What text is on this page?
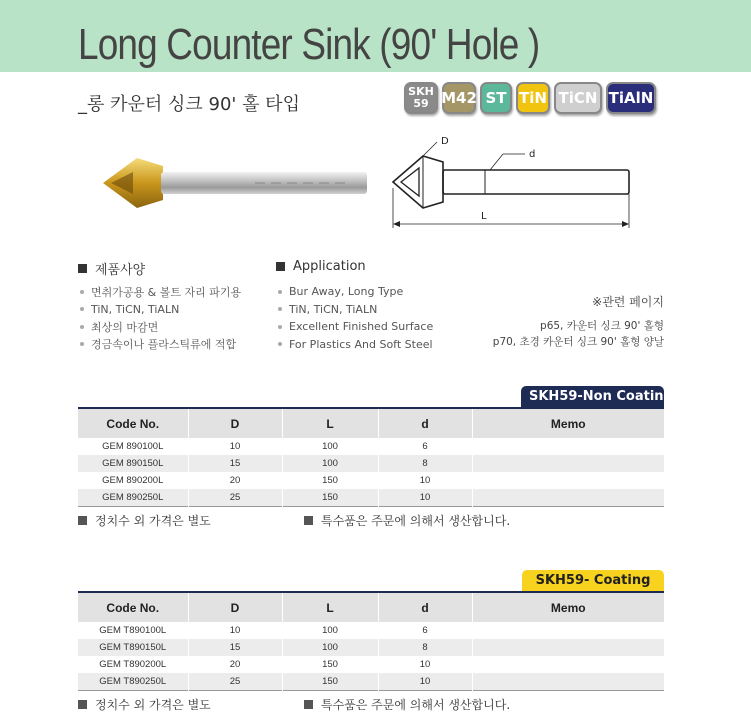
Long Counter Sink (90' Hole )
_롱 카운터 싱크 90' 홀 타입
SKH
59 M42 ST TiN TiCN TiAlN
D
d
L
제품사양
면취가공용 & 볼트 자리 파기용
TiN, TiCN, TiALN
최상의 마감면
경금속이나 플라스틱류에 적합
Application
Bur Away, Long Type
TiN, TiCN, TiALN
Excellent Finished Surface
For Plastics And Soft Steel
※관련 페이지
p65, 카운터 싱크 90' 홀형
p70, 초경 카운터 싱크 90' 홀형 양날
SKH59-Non Coating
Code No.	D	L	d	Memo
GEM 890100L	10	100	6	
GEM 890150L	15	100	8	
GEM 890200L	20	150	10	
GEM 890250L	25	150	10	
정치수 외 가격은 별도	특수품은 주문에 의해서 생산합니다.
SKH59- Coating
Code No.	D	L	d	Memo
GEM T890100L	10	100	6	
GEM T890150L	15	100	8	
GEM T890200L	20	150	10	
GEM T890250L	25	150	10	
정치수 외 가격은 별도	특수품은 주문에 의해서 생산합니다.
